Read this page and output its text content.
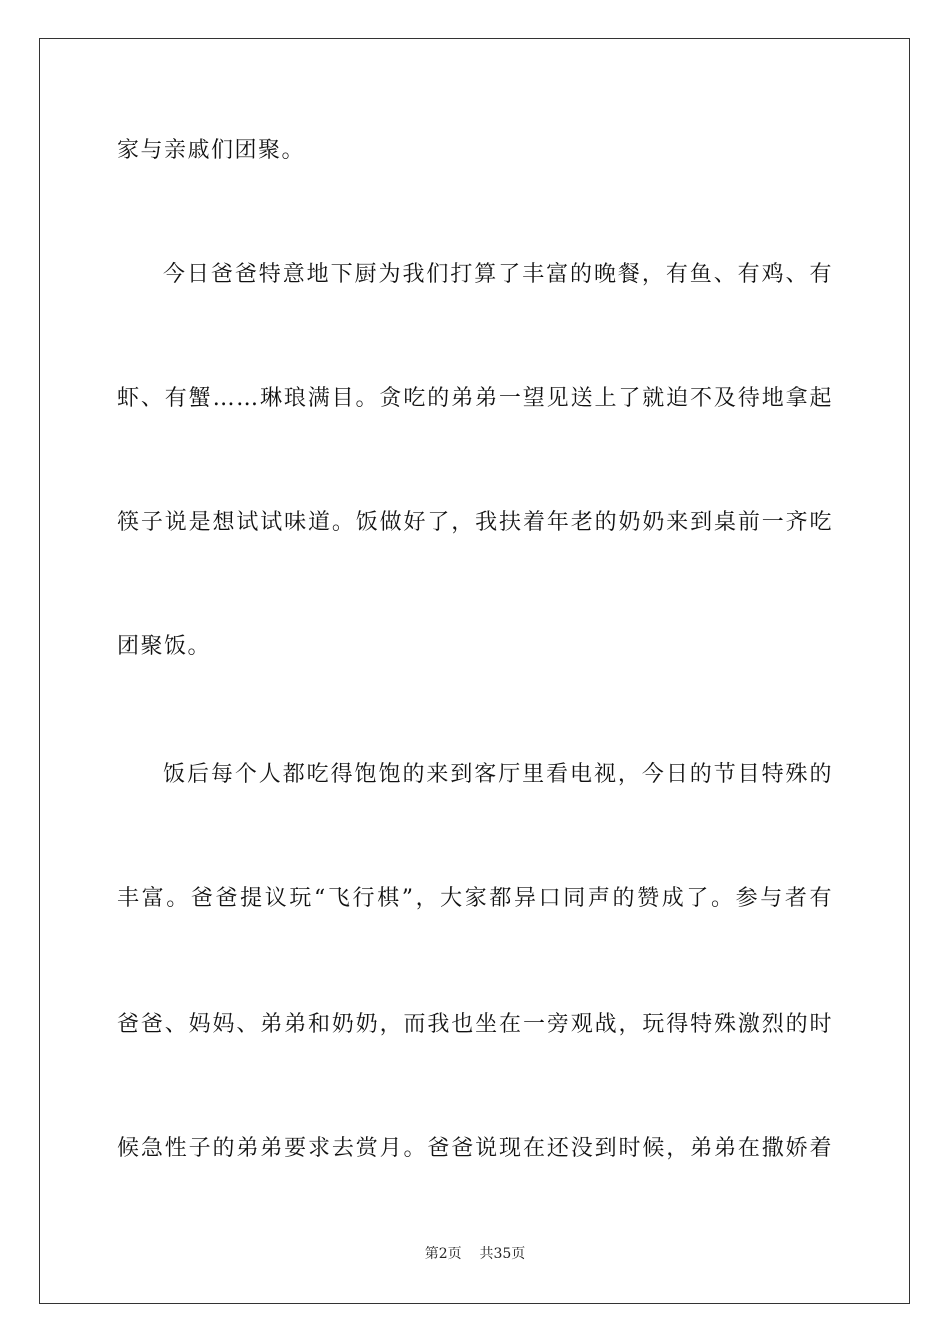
家与亲戚们团聚。
今日爸爸特意地下厨为我们打算了丰富的晚餐，有鱼、有鸡、有
虾、有蟹……琳琅满目。贪吃的弟弟一望见送上了就迫不及待地拿起
筷子说是想试试味道。饭做好了，我扶着年老的奶奶来到桌前一齐吃
团聚饭。
饭后每个人都吃得饱饱的来到客厅里看电视，今日的节目特殊的
丰富。爸爸提议玩“飞行棋”，大家都异口同声的赞成了。参与者有
爸爸、妈妈、弟弟和奶奶，而我也坐在一旁观战，玩得特殊激烈的时
候急性子的弟弟要求去赏月。爸爸说现在还没到时候，弟弟在撒娇着
第2页 共35页
